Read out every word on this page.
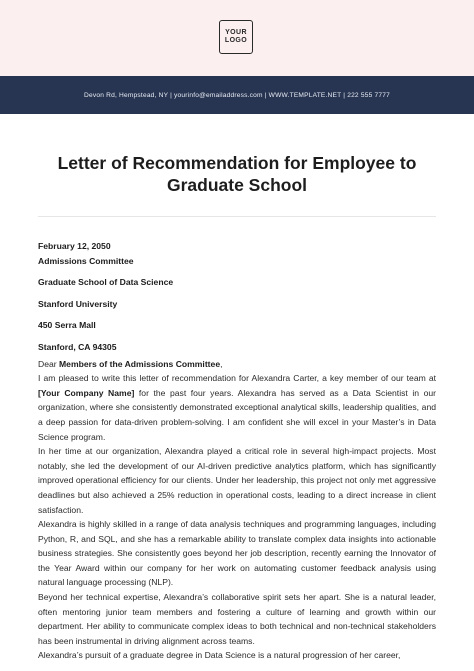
YOUR
LOGO
Devon Rd, Hempstead, NY | yourinfo@emailaddress.com | WWW.TEMPLATE.NET | 222 555 7777
Letter of Recommendation for Employee to Graduate School
February 12, 2050
Admissions Committee
Graduate School of Data Science
Stanford University
450 Serra Mall
Stanford, CA 94305
Dear Members of the Admissions Committee,
I am pleased to write this letter of recommendation for Alexandra Carter, a key member of our team at [Your Company Name] for the past four years. Alexandra has served as a Data Scientist in our organization, where she consistently demonstrated exceptional analytical skills, leadership qualities, and a deep passion for data-driven problem-solving. I am confident she will excel in your Master’s in Data Science program.
In her time at our organization, Alexandra played a critical role in several high-impact projects. Most notably, she led the development of our AI-driven predictive analytics platform, which has significantly improved operational efficiency for our clients. Under her leadership, this project not only met aggressive deadlines but also achieved a 25% reduction in operational costs, leading to a direct increase in client satisfaction.
Alexandra is highly skilled in a range of data analysis techniques and programming languages, including Python, R, and SQL, and she has a remarkable ability to translate complex data insights into actionable business strategies. She consistently goes beyond her job description, recently earning the Innovator of the Year Award within our company for her work on automating customer feedback analysis using natural language processing (NLP).
Beyond her technical expertise, Alexandra’s collaborative spirit sets her apart. She is a natural leader, often mentoring junior team members and fostering a culture of learning and growth within our department. Her ability to communicate complex ideas to both technical and non-technical stakeholders has been instrumental in driving alignment across teams.
Alexandra’s pursuit of a graduate degree in Data Science is a natural progression of her career,
